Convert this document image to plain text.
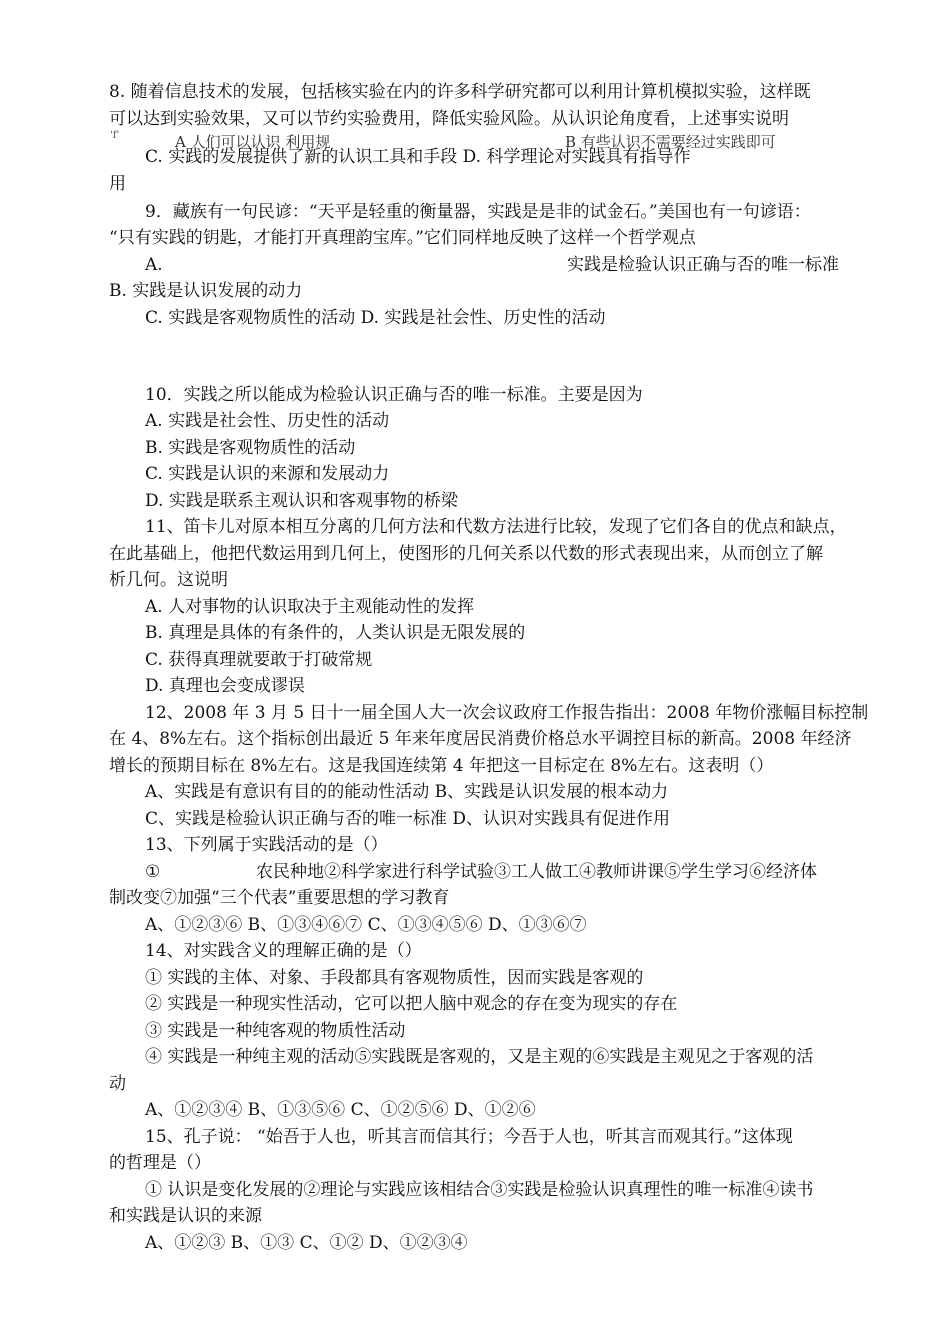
8. 随着信息技术的发展，包括核实验在内的许多科学研究都可以利用计算机模拟实验，这样既
可以达到实验效果，又可以节约实验费用，降低实验风险。从认识论角度看，上述事实说明
'f'	A 人们可以认识 利用规	B 有些认识不需要经过实践即可
C. 实践的发展提供了新的认识工具和手段 D. 科学理论对实践具有指导作
用
9．藏族有一句民谚：“天平是轻重的衡量器，实践是是非的试金石。”美国也有一句谚语：
“只有实践的钥匙，才能打开真理韵宝库。”它们同样地反映了这样一个哲学观点
A.	实践是检验认识正确与否的唯一标准
B. 实践是认识发展的动力
C. 实践是客观物质性的活动 D. 实践是社会性、历史性的活动
10．实践之所以能成为检验认识正确与否的唯一标准。主要是因为
A. 实践是社会性、历史性的活动
B. 实践是客观物质性的活动
C. 实践是认识的来源和发展动力
D. 实践是联系主观认识和客观事物的桥梁
11、笛卡儿对原本相互分离的几何方法和代数方法进行比较，发现了它们各自的优点和缺点，
在此基础上，他把代数运用到几何上，使图形的几何关系以代数的形式表现出来，从而创立了解
析几何。这说明
A. 人对事物的认识取决于主观能动性的发挥
B. 真理是具体的有条件的，人类认识是无限发展的
C. 获得真理就要敢于打破常规
D. 真理也会变成谬误
12、2008 年 3 月 5 日十一届全国人大一次会议政府工作报告指出：2008 年物价涨幅目标控制
在 4、8%左右。这个指标创出最近 5 年来年度居民消费价格总水平调控目标的新高。2008 年经济
增长的预期目标在 8%左右。这是我国连续第 4 年把这一目标定在 8%左右。这表明（）
A、实践是有意识有目的的能动性活动 B、实践是认识发展的根本动力
C、实践是检验认识正确与否的唯一标准 D、认识对实践具有促进作用
13、下列属于实践活动的是（）
①	农民种地②科学家进行科学试验③工人做工④教师讲课⑤学生学习⑥经济体
制改变⑦加强“三个代表”重要思想的学习教育
A、①②③⑥ B、①③④⑥⑦ C、①③④⑤⑥ D、①③⑥⑦
14、对实践含义的理解正确的是（）
① 实践的主体、对象、手段都具有客观物质性，因而实践是客观的
② 实践是一种现实性活动，它可以把人脑中观念的存在变为现实的存在
③ 实践是一种纯客观的物质性活动
④ 实践是一种纯主观的活动⑤实践既是客观的，又是主观的⑥实践是主观见之于客观的活
动
A、①②③④ B、①③⑤⑥ C、①②⑤⑥ D、①②⑥
15、孔子说： “始吾于人也，听其言而信其行；今吾于人也，听其言而观其行。”这体现
的哲理是（）
① 认识是变化发展的②理论与实践应该相结合③实践是检验认识真理性的唯一标准④读书
和实践是认识的来源
A、①②③ B、①③ C、①② D、①②③④
